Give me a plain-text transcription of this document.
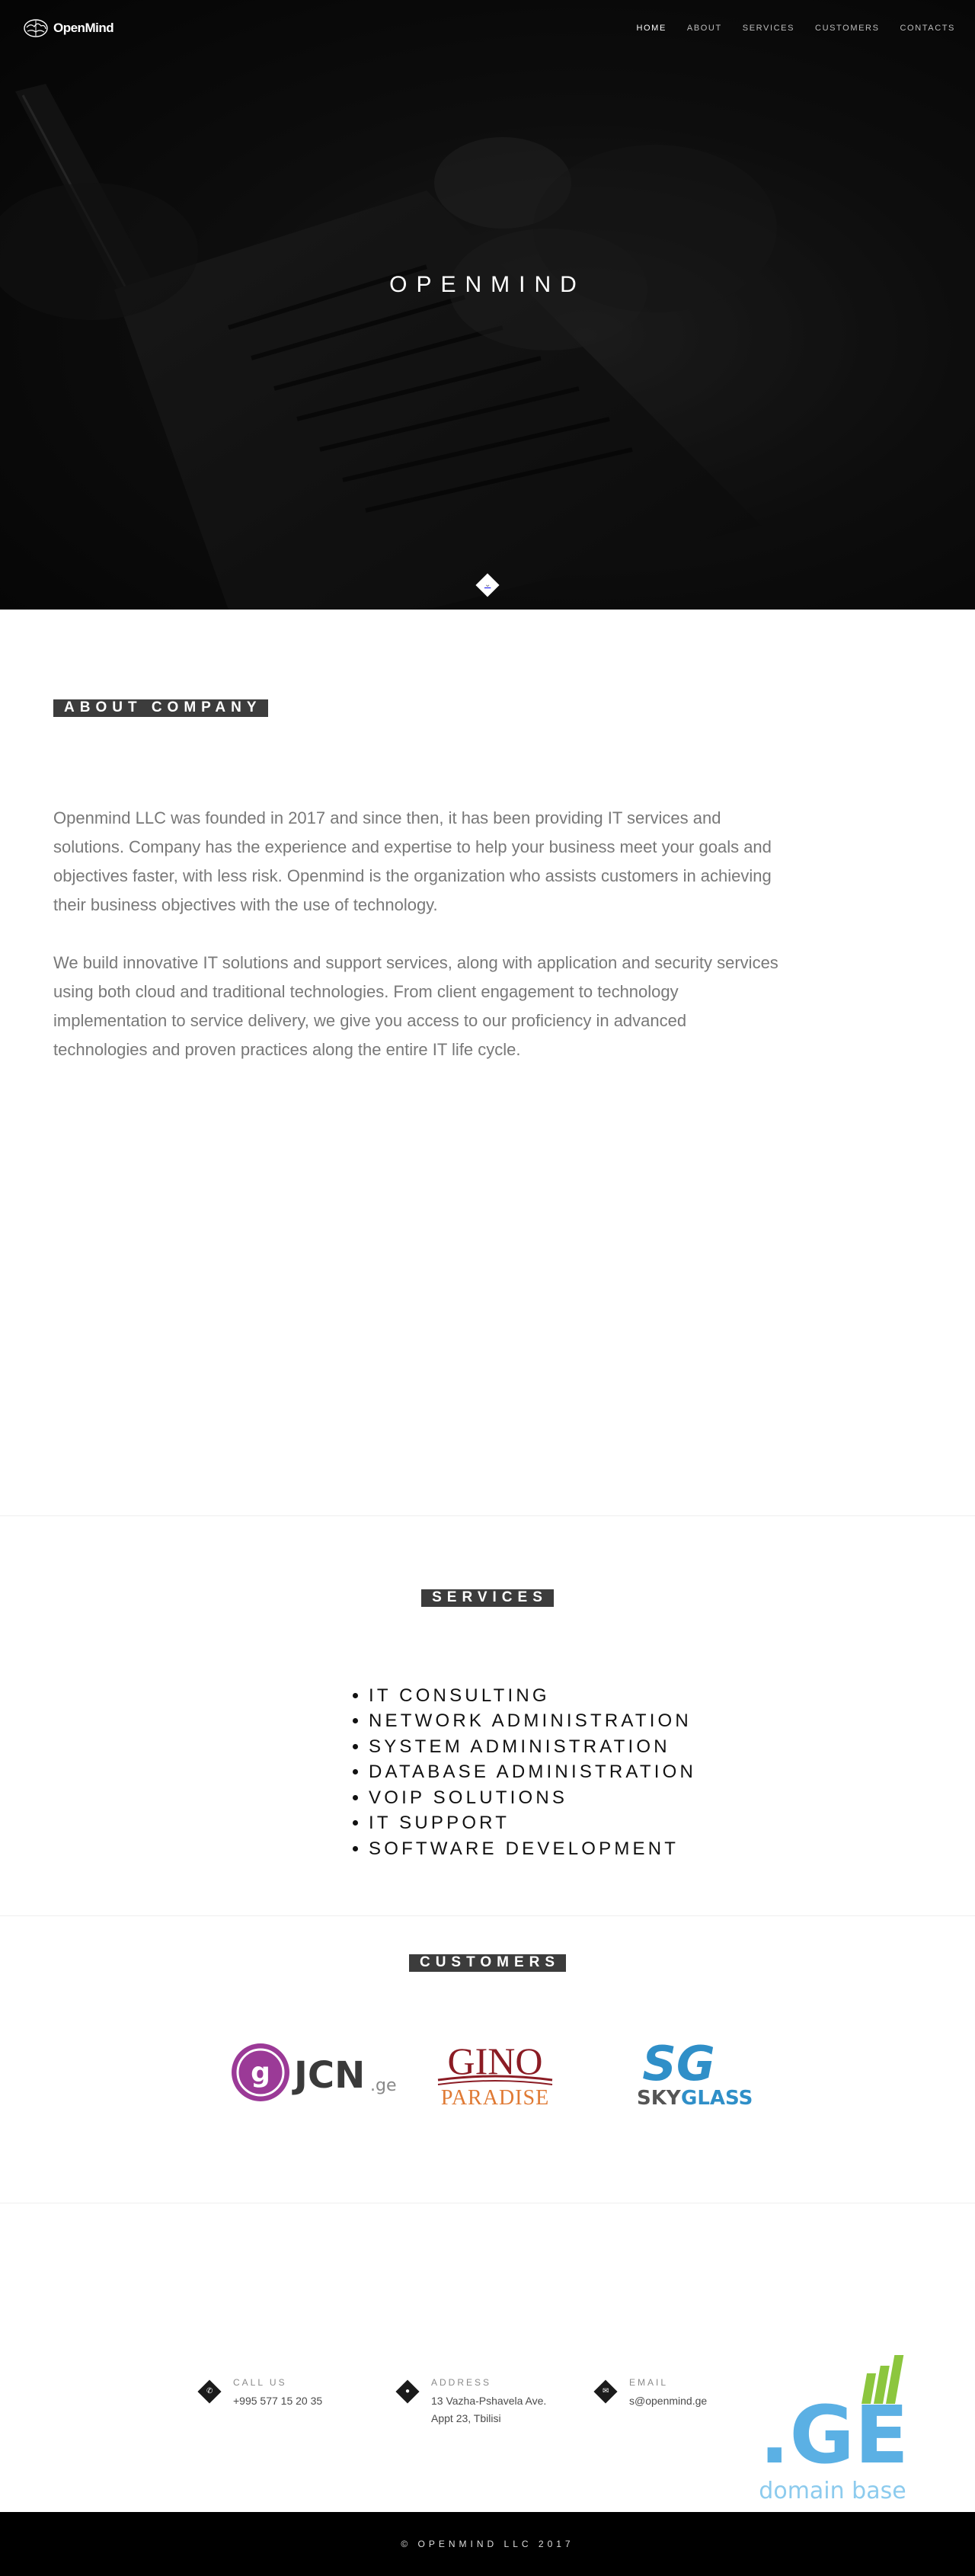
OpenMind	HOME ABOUT SERVICES CUSTOMERS CONTACTS
OPENMIND
⌄
ABOUT COMPANY

Openmind LLC was founded in 2017 and since then, it has been providing IT services and solutions. Company has the experience and expertise to help your business meet your goals and objectives faster, with less risk. Openmind is the organization who assists customers in achieving their business objectives with the use of technology.

We build innovative IT solutions and support services, along with application and security services using both cloud and traditional technologies. From client engagement to technology implementation to service delivery, we give you access to our proficiency in advanced technologies and proven practices along the entire IT life cycle.

SERVICES

• IT CONSULTING
• NETWORK ADMINISTRATION
• SYSTEM ADMINISTRATION
• DATABASE ADMINISTRATION
• VOIP SOLUTIONS
• IT SUPPORT
• SOFTWARE DEVELOPMENT
CUSTOMERS
g JCN .ge
GINO
PARADISE
SG
SKY GLASS
✆
CALL US
+995 577 15 20 35
●
ADDRESS
13 Vazha-Pshavela Ave.
Appt 23, Tbilisi
✉
EMAIL
s@openmind.ge .GE
domain base
© OPENMIND LLC 2017
